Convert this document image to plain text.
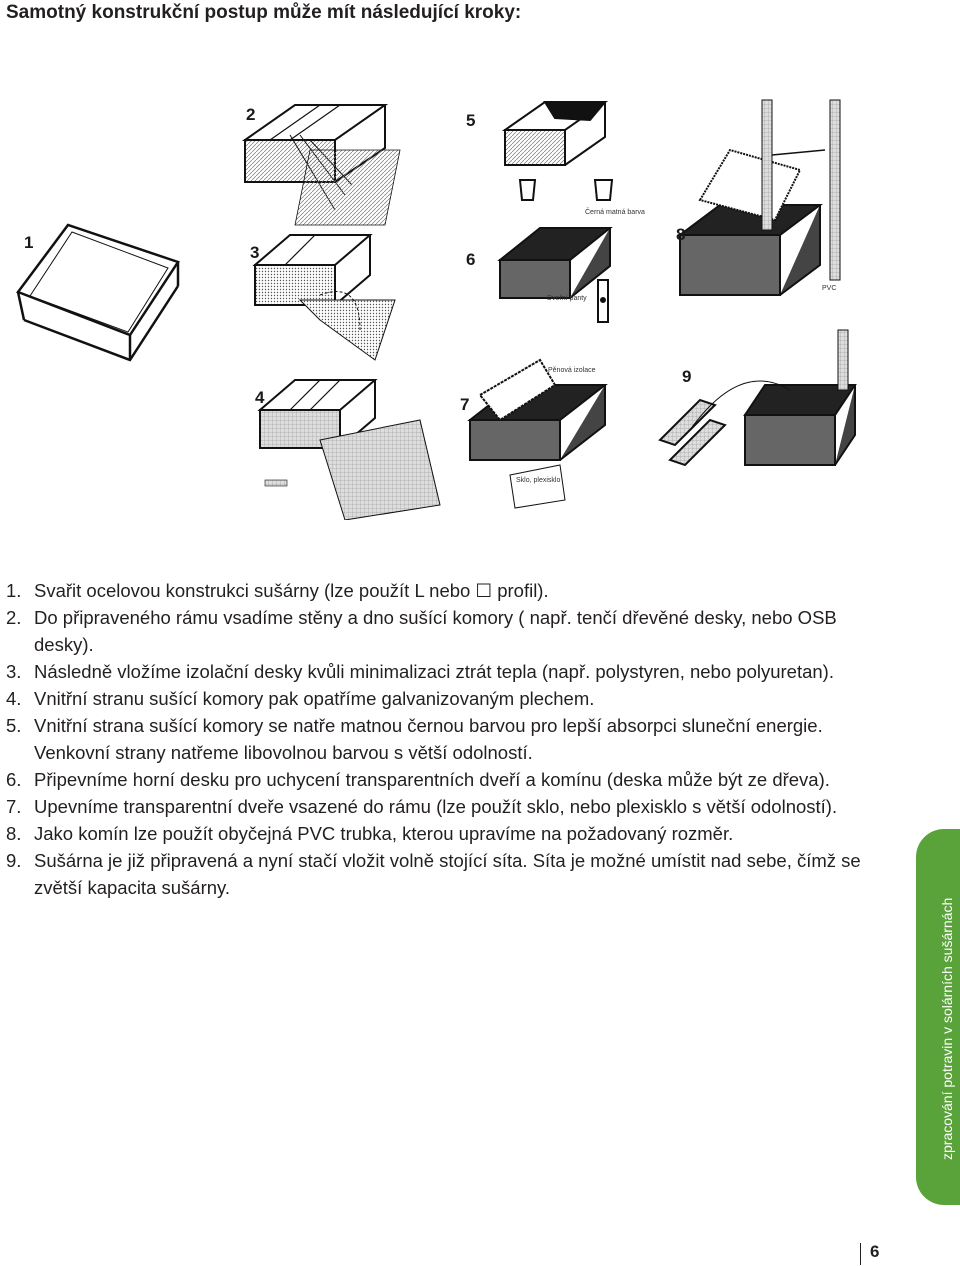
Samotný konstrukční postup může mít následující kroky:
1
2
3
4
5
Černá matná barva
6
Dveřní panty
7
Pěnová izolace
Sklo, plexisklo
8
PVC
9
1. Svařit ocelovou konstrukci sušárny (lze použít L nebo ☐ profil).
2. Do připraveného rámu vsadíme stěny a dno sušící komory ( např. tenčí dřevěné desky, nebo OSB desky).
3. Následně vložíme izolační desky kvůli minimalizaci ztrát tepla (např. polystyren, nebo polyuretan).
4. Vnitřní stranu sušící komory pak opatříme galvanizovaným plechem.
5. Vnitřní strana sušící komory se natře matnou černou barvou pro lepší absorpci sluneční energie. Venkovní strany natřeme libovolnou barvou s větší odolností.
6. Připevníme horní desku pro uchycení transparentních dveří a komínu (deska může být ze dřeva).
7. Upevníme transparentní dveře vsazené do rámu (lze použít sklo, nebo plexisklo s větší odolností).
8. Jako komín lze použít obyčejná PVC trubka, kterou upravíme na požadovaný rozměr.
9. Sušárna je již připravená a nyní stačí vložit volně stojící síta. Síta je možné umístit nad sebe, čímž se zvětší kapacita sušárny.
zpracování potravin v solárních sušárnách
6
